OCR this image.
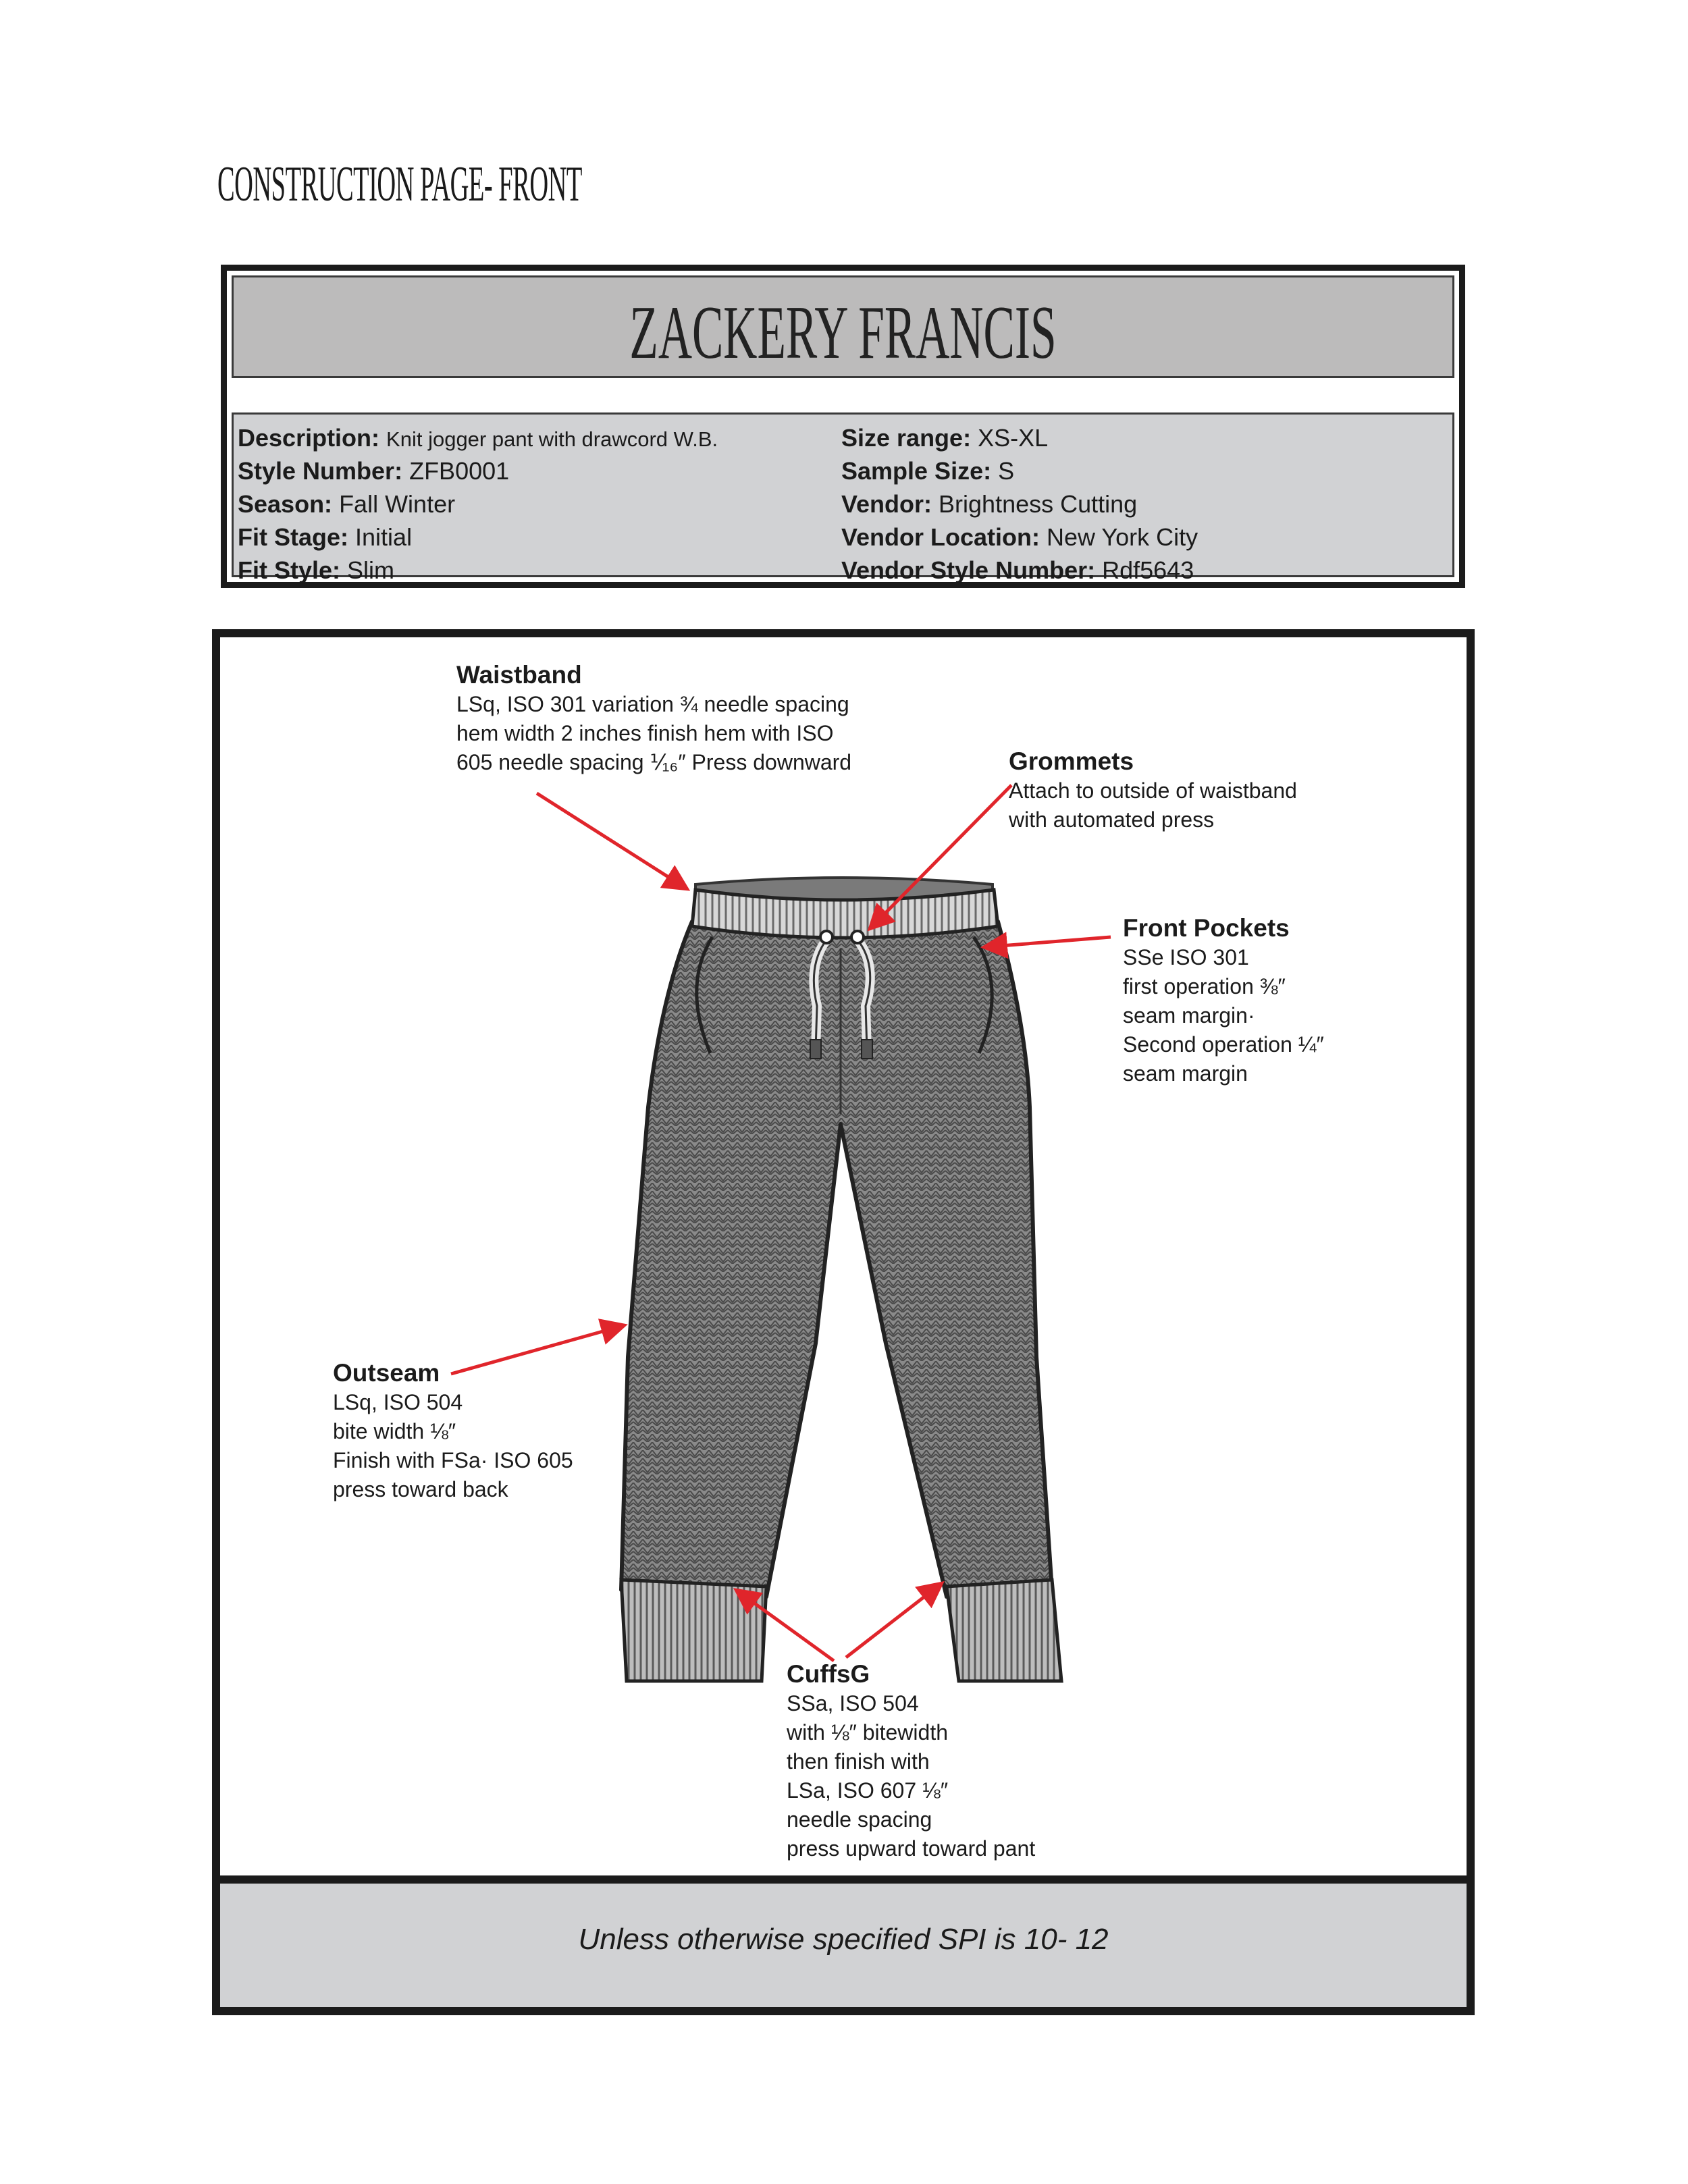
CONSTRUCTION PAGE- FRONT
ZACKERY FRANCIS
Description: Knit jogger pant with drawcord W.B.
Style Number: ZFB0001
Season: Fall Winter
Fit Stage: Initial
Fit Style: Slim
Size range: XS-XL
Sample Size: S
Vendor: Brightness Cutting
Vendor Location: New York City
Vendor Style Number: Rdf5643
Unless otherwise specified SPI is 10- 12
Waistband
LSq, ISO 301 variation ¾ needle spacing
hem width 2 inches finish hem with ISO
605 needle spacing ⅟₁₆″ Press downward	Grommets
Attach to outside of waistband
with automated press
Front Pockets
SSe ISO 301
first operation ⅜″
seam margin·
Second operation ¼″
seam margin
Outseam
LSq, ISO 504
bite width ⅛″
Finish with FSa· ISO 605
press toward back
CuffsG
SSa, ISO 504
with ⅛″ bitewidth
then finish with
LSa, ISO 607 ⅛″
needle spacing
press upward toward pant
